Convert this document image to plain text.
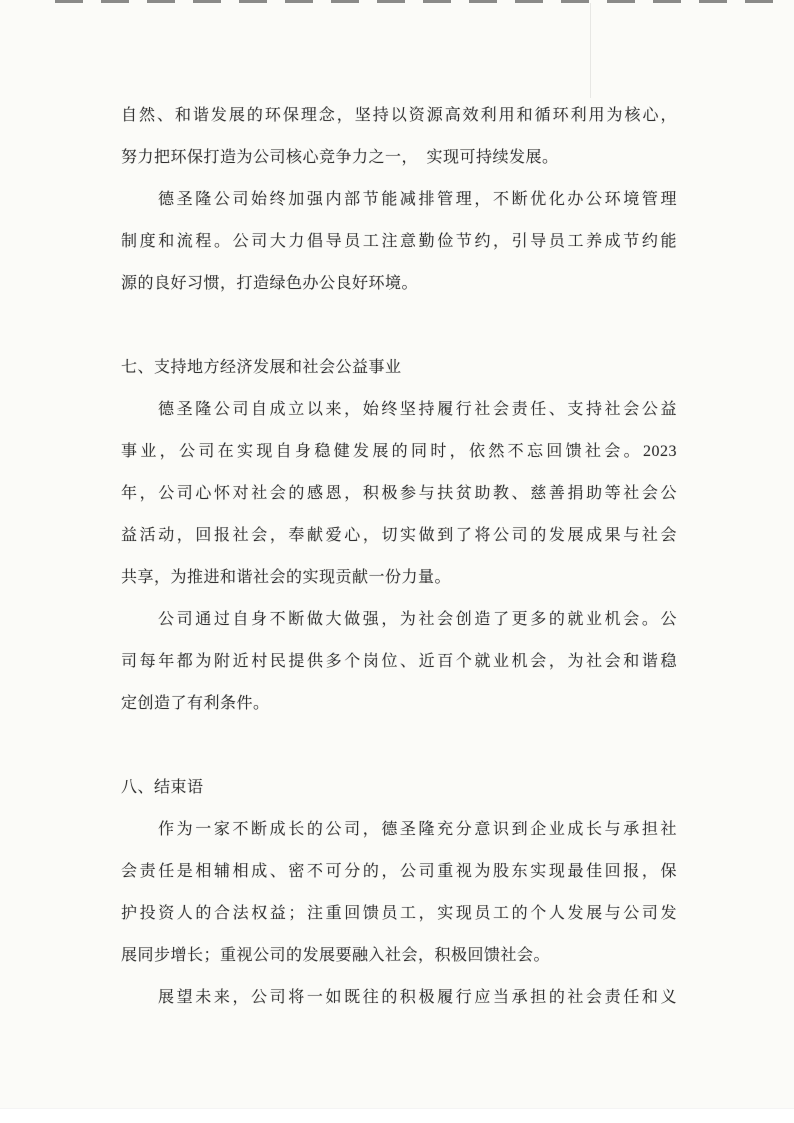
自然、和谐发展的环保理念，坚持以资源高效利用和循环利用为核心，
努力把环保打造为公司核心竞争力之一，　实现可持续发展。
德圣隆公司始终加强内部节能减排管理，不断优化办公环境管理
制度和流程。公司大力倡导员工注意勤俭节约，引导员工养成节约能
源的良好习惯，打造绿色办公良好环境。
七、支持地方经济发展和社会公益事业
德圣隆公司自成立以来，始终坚持履行社会责任、支持社会公益
事业，公司在实现自身稳健发展的同时，依然不忘回馈社会。2023
年，公司心怀对社会的感恩，积极参与扶贫助教、慈善捐助等社会公
益活动，回报社会，奉献爱心，切实做到了将公司的发展成果与社会
共享，为推进和谐社会的实现贡献一份力量。
公司通过自身不断做大做强，为社会创造了更多的就业机会。公
司每年都为附近村民提供多个岗位、近百个就业机会，为社会和谐稳
定创造了有利条件。
八、结束语
作为一家不断成长的公司，德圣隆充分意识到企业成长与承担社
会责任是相辅相成、密不可分的，公司重视为股东实现最佳回报，保
护投资人的合法权益；注重回馈员工，实现员工的个人发展与公司发
展同步增长；重视公司的发展要融入社会，积极回馈社会。
展望未来，公司将一如既往的积极履行应当承担的社会责任和义
